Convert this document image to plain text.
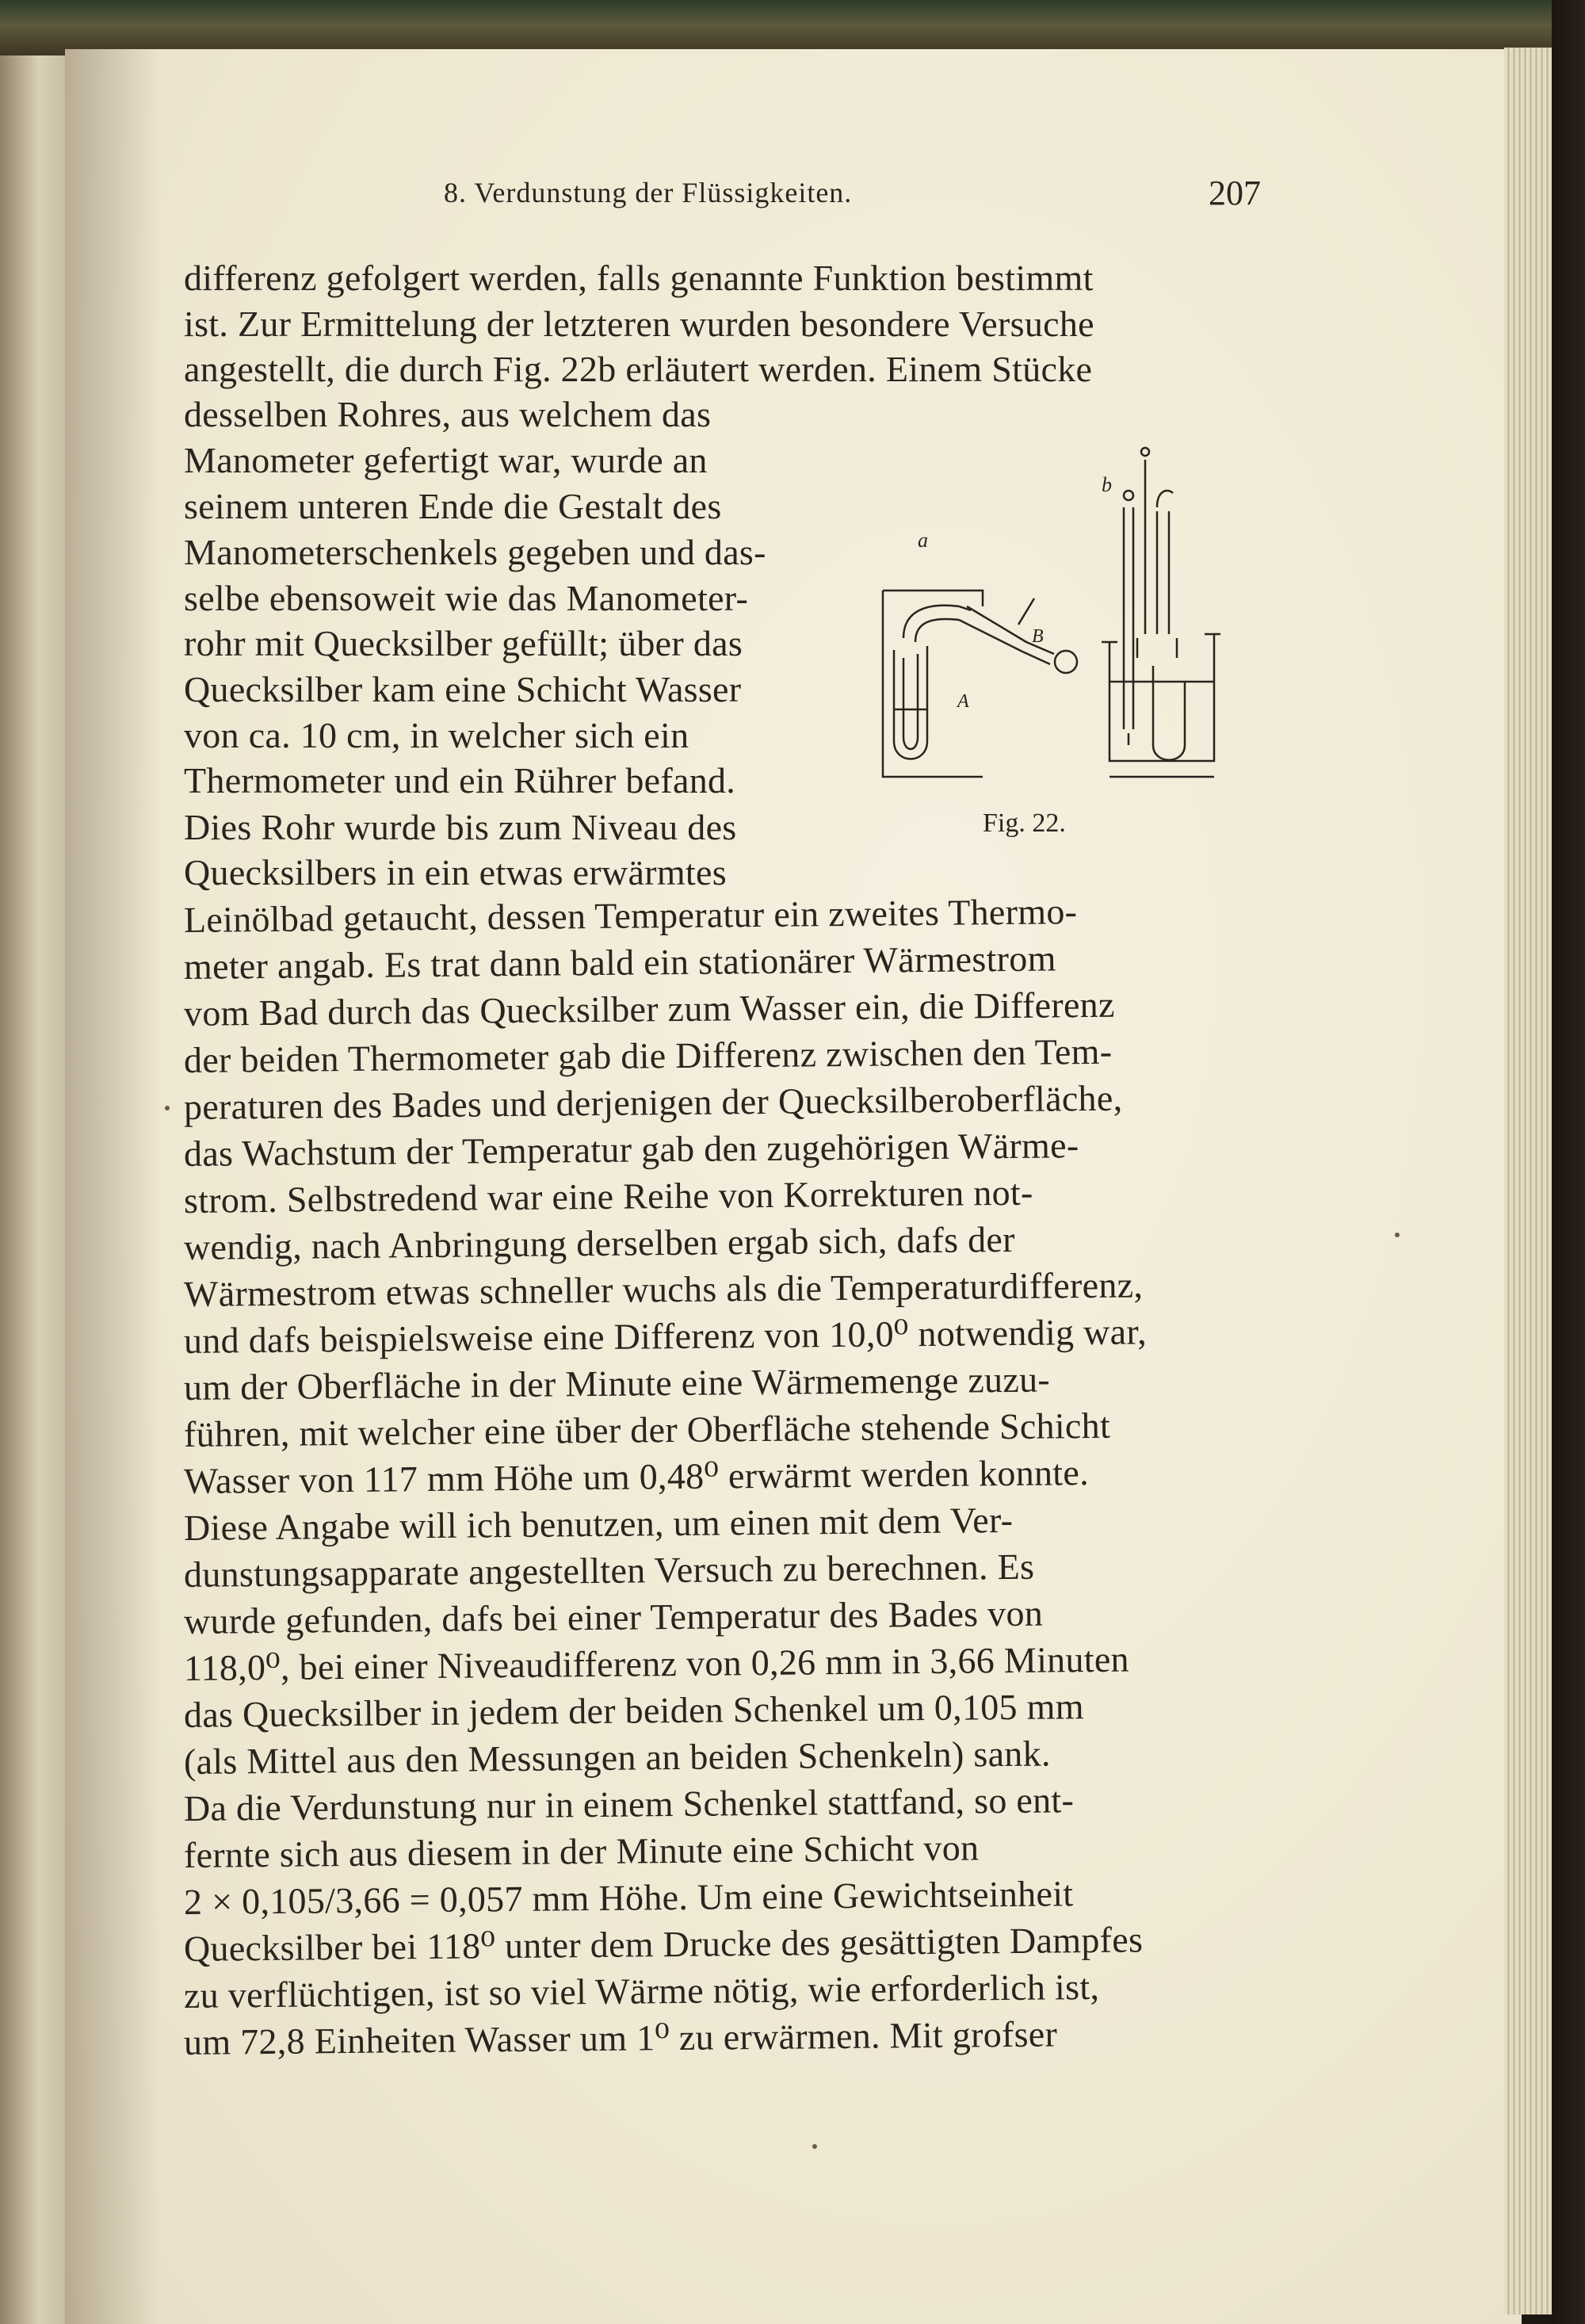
8. Verdunstung der Flüssigkeiten.	207

differenz gefolgert werden, falls genannte Funktion bestimmt

ist. Zur Ermittelung der letzteren wurden besondere Versuche

angestellt, die durch Fig. 22b erläutert werden. Einem Stücke

desselben Rohres, aus welchem das

Manometer gefertigt war, wurde an

seinem unteren Ende die Gestalt des

Manometerschenkels gegeben und das-

selbe ebensoweit wie das Manometer-

rohr mit Quecksilber gefüllt; über das

Quecksilber kam eine Schicht Wasser

von ca. 10 cm, in welcher sich ein

Thermometer und ein Rührer befand.

Dies Rohr wurde bis zum Niveau des

Quecksilbers in ein etwas erwärmtes

Leinölbad getaucht, dessen Temperatur ein zweites Thermo-

meter angab. Es trat dann bald ein stationärer Wärmestrom

vom Bad durch das Quecksilber zum Wasser ein, die Differenz

der beiden Thermometer gab die Differenz zwischen den Tem-

peraturen des Bades und derjenigen der Quecksilberoberfläche,

das Wachstum der Temperatur gab den zugehörigen Wärme-

strom. Selbstredend war eine Reihe von Korrekturen not-

wendig, nach Anbringung derselben ergab sich, dafs der

Wärmestrom etwas schneller wuchs als die Temperaturdifferenz,

und dafs beispielsweise eine Differenz von 10,0⁰ notwendig war,

um der Oberfläche in der Minute eine Wärmemenge zuzu-

führen, mit welcher eine über der Oberfläche stehende Schicht

Wasser von 117 mm Höhe um 0,48⁰ erwärmt werden konnte.

Diese Angabe will ich benutzen, um einen mit dem Ver-

dunstungsapparate angestellten Versuch zu berechnen. Es

wurde gefunden, dafs bei einer Temperatur des Bades von

118,0⁰, bei einer Niveaudifferenz von 0,26 mm in 3,66 Minuten

das Quecksilber in jedem der beiden Schenkel um 0,105 mm

(als Mittel aus den Messungen an beiden Schenkeln) sank.

Da die Verdunstung nur in einem Schenkel stattfand, so ent-

fernte sich aus diesem in der Minute eine Schicht von

2 × 0,105/3,66 = 0,057 mm Höhe. Um eine Gewichtseinheit

Quecksilber bei 118⁰ unter dem Drucke des gesättigten Dampfes

zu verflüchtigen, ist so viel Wärme nötig, wie erforderlich ist,

um 72,8 Einheiten Wasser um 1⁰ zu erwärmen. Mit grofser

a
b
A
B
Fig. 22.
